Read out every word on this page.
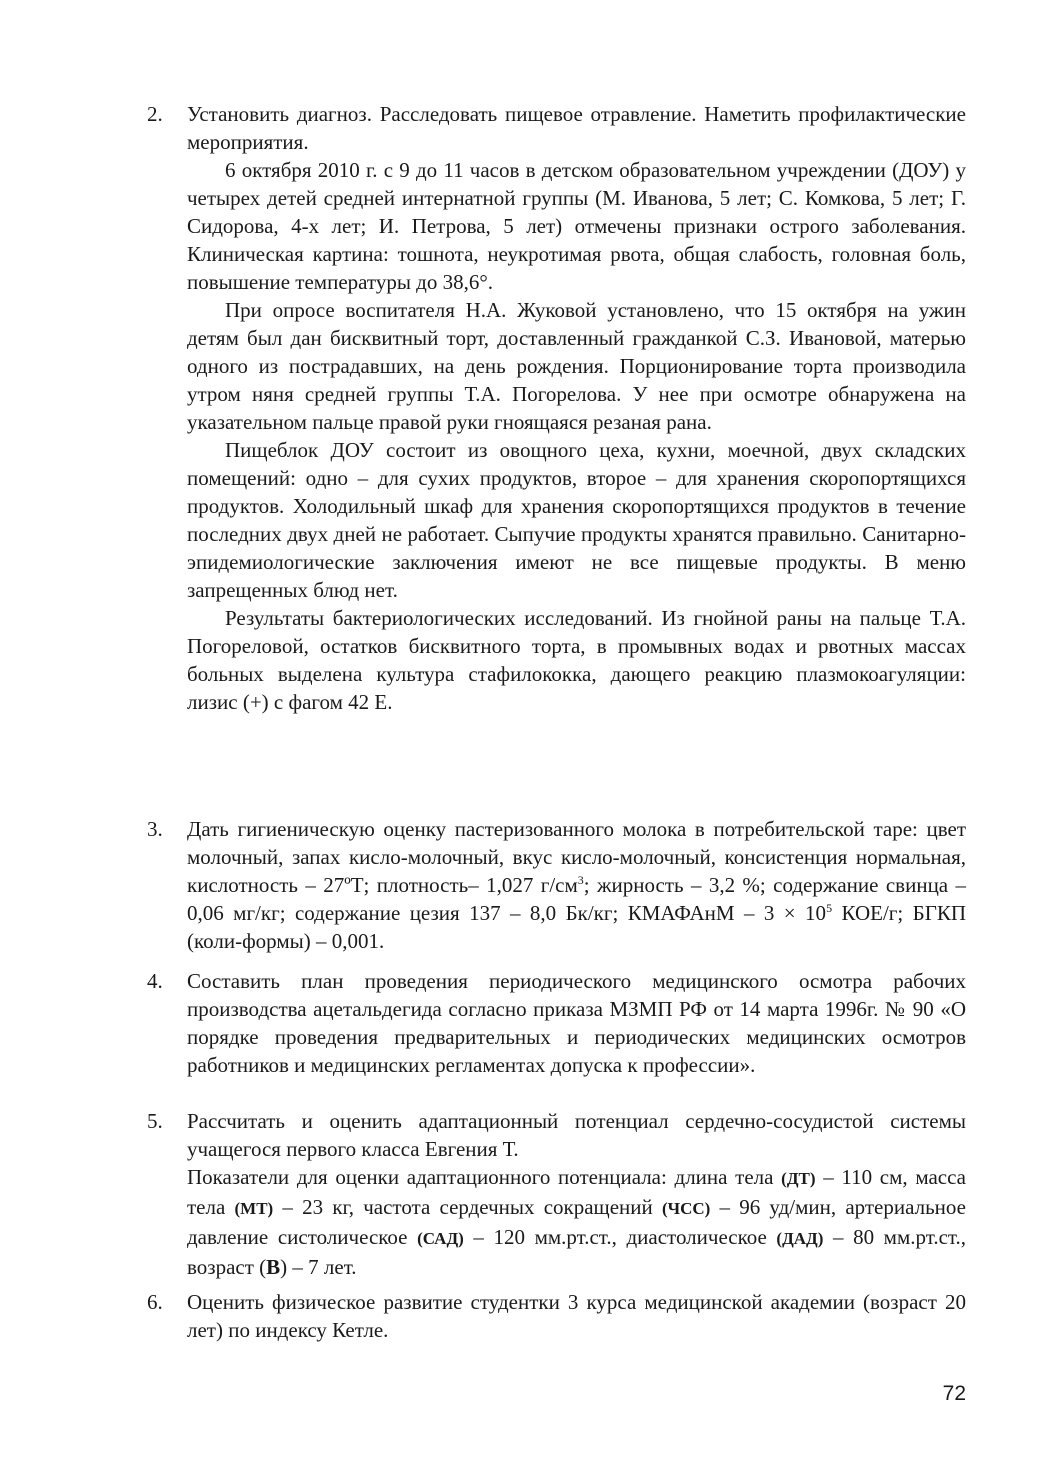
2.	Установить диагноз. Расследовать пищевое отравление. Наметить профилактические мероприятия.

6 октября 2010 г. с 9 до 11 часов в детском образовательном учреждении (ДОУ) у четырех детей средней интернатной группы (М. Иванова, 5 лет; С. Комкова, 5 лет; Г. Сидорова, 4-х лет; И. Петрова, 5 лет) отмечены признаки острого заболевания. Клиническая картина: тошнота, неукротимая рвота, общая слабость, головная боль, повышение температуры до 38,6°.

При опросе воспитателя Н.А. Жуковой установлено, что 15 октября на ужин детям был дан бисквитный торт, доставленный гражданкой С.З. Ивановой, матерью одного из пострадавших, на день рождения. Порционирование торта производила утром няня средней группы Т.А. Погорелова. У нее при осмотре обнаружена на указательном пальце правой руки гноящаяся резаная рана.

Пищеблок ДОУ состоит из овощного цеха, кухни, моечной, двух складских помещений: одно – для сухих продуктов, второе – для хранения скоропортящихся продуктов. Холодильный шкаф для хранения скоропортящихся продуктов в течение последних двух дней не работает. Сыпучие продукты хранятся правильно. Санитарно-эпидемиологические заключения имеют не все пищевые продукты. В меню запрещенных блюд нет.

Результаты бактериологических исследований. Из гнойной раны на пальце Т.А. Погореловой, остатков бисквитного торта, в промывных водах и рвотных массах больных выделена культура стафилококка, дающего реакцию плазмокоагуляции: лизис (+) с фагом 42 Е.

3.	Дать гигиеническую оценку пастеризованного молока в потребительской таре: цвет молочный, запах кисло-молочный, вкус кисло-молочный, консистенция нормальная, кислотность – 27ºТ; плотность– 1,027 $г/см^3$; жирность – 3,2 %; содержание свинца – 0,06 мг/кг; содержание цезия 137 – 8,0 Бк/кг; КМАФАнМ – $3 \times 10^5$ КОЕ/г; БГКП (коли-формы) – 0,001.

4.	Составить план проведения периодического медицинского осмотра рабочих производства ацетальдегида согласно приказа МЗМП РФ от 14 марта 1996г. № 90 «О порядке проведения предварительных и периодических медицинских осмотров работников и медицинских регламентах допуска к профессии».

5.	Рассчитать и оценить адаптационный потенциал сердечно-сосудистой системы учащегося первого класса Евгения Т.

Показатели для оценки адаптационного потенциала: длина тела (ДТ) – 110 см, масса тела (МТ) – 23 кг, частота сердечных сокращений (ЧСС) – 96 уд/мин, артериальное давление систолическое (САД) – 120 мм.рт.ст., диастолическое (ДАД) – 80 мм.рт.ст., возраст (В) – 7 лет.

6.	Оценить физическое развитие студентки 3 курса медицинской академии (возраст 20 лет) по индексу Кетле.

72
